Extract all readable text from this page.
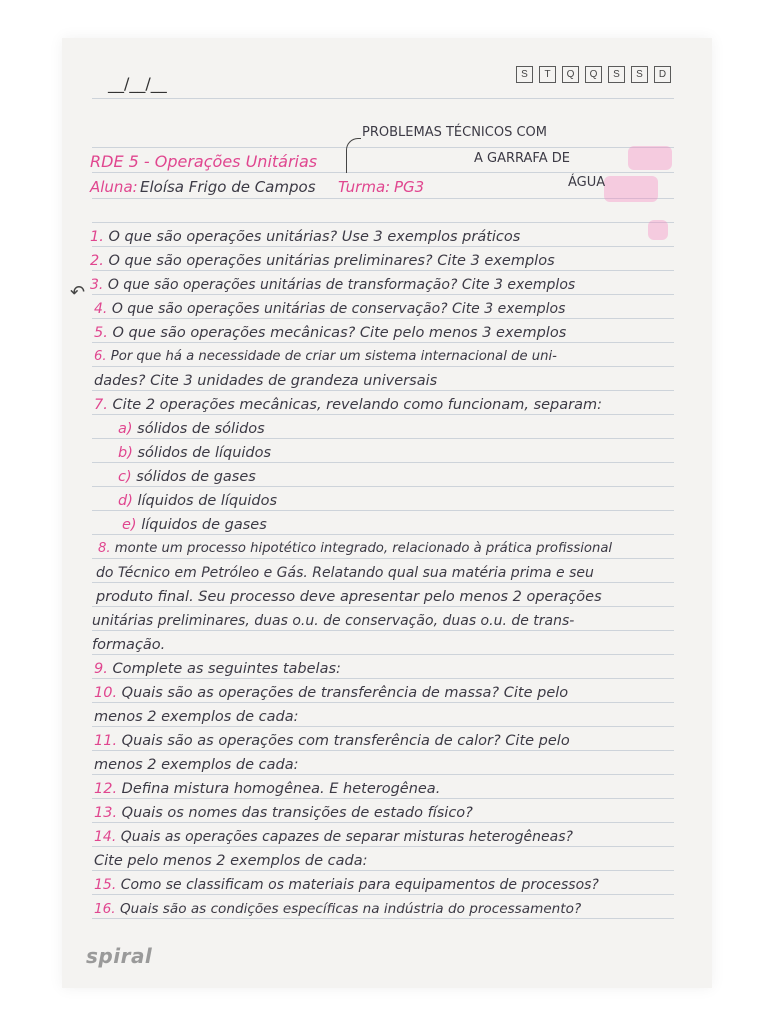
__/__/__	S	T	Q	Q	S	S	D
RDE 5 - Operações Unitárias
Aluna: Eloísa Frigo de Campos Turma: PG3
PROBLEMAS TÉCNICOS COM
A GARRAFA DE
ÁGUA
↶
1. O que são operações unitárias? Use 3 exemplos práticos
2. O que são operações unitárias preliminares? Cite 3 exemplos
3. O que são operações unitárias de transformação? Cite 3 exemplos
4. O que são operações unitárias de conservação? Cite 3 exemplos
5. O que são operações mecânicas? Cite pelo menos 3 exemplos
6. Por que há a necessidade de criar um sistema internacional de uni-
dades? Cite 3 unidades de grandeza universais
7. Cite 2 operações mecânicas, revelando como funcionam, separam:
a) sólidos de sólidos
b) sólidos de líquidos
c) sólidos de gases
d) líquidos de líquidos
e) líquidos de gases
8. monte um processo hipotético integrado, relacionado à prática profissional
do Técnico em Petróleo e Gás. Relatando qual sua matéria prima e seu
produto final. Seu processo deve apresentar pelo menos 2 operações
unitárias preliminares, duas o.u. de conservação, duas o.u. de trans-
formação.
9. Complete as seguintes tabelas:
10. Quais são as operações de transferência de massa? Cite pelo
menos 2 exemplos de cada:
11. Quais são as operações com transferência de calor? Cite pelo
menos 2 exemplos de cada:
12. Defina mistura homogênea. E heterogênea.
13. Quais os nomes das transições de estado físico?
14. Quais as operações capazes de separar misturas heterogêneas?
Cite pelo menos 2 exemplos de cada:
15. Como se classificam os materiais para equipamentos de processos?
16. Quais são as condições específicas na indústria do processamento?
spiral
